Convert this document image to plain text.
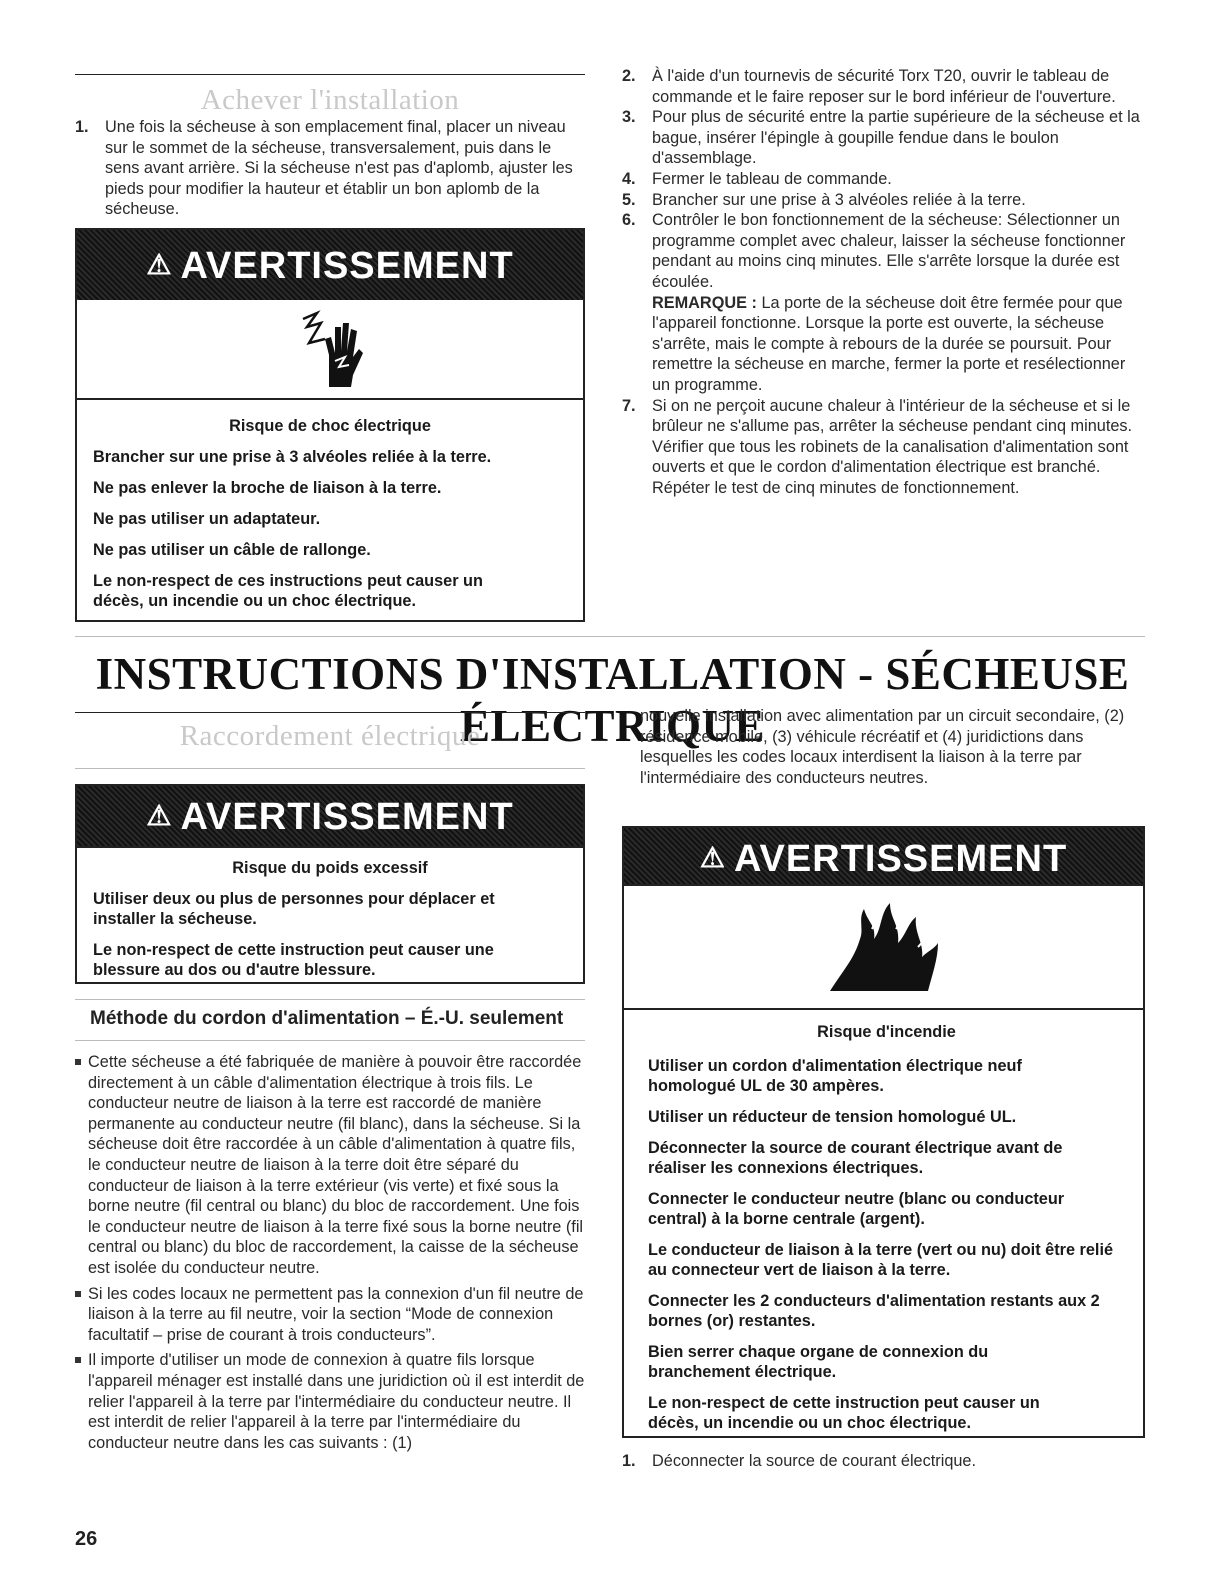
Achever l'installation
1. Une fois la sécheuse à son emplacement final, placer un niveau sur le sommet de la sécheuse, transversalement, puis dans le sens avant arrière. Si la sécheuse n'est pas d'aplomb, ajuster les pieds pour modifier la hauteur et établir un bon aplomb de la sécheuse.
⚠ AVERTISSEMENT
Risque de choc électrique
Brancher sur une prise à 3 alvéoles reliée à la terre.
Ne pas enlever la broche de liaison à la terre.
Ne pas utiliser un adaptateur.
Ne pas utiliser un câble de rallonge.
Le non-respect de ces instructions peut causer un décès, un incendie ou un choc électrique.
2. À l'aide d'un tournevis de sécurité Torx T20, ouvrir le tableau de commande et le faire reposer sur le bord inférieur de l'ouverture.
3. Pour plus de sécurité entre la partie supérieure de la sécheuse et la bague, insérer l'épingle à goupille fendue dans le boulon d'assemblage.
4. Fermer le tableau de commande.
5. Brancher sur une prise à 3 alvéoles reliée à la terre.
6. Contrôler le bon fonctionnement de la sécheuse: Sélectionner un programme complet avec chaleur, laisser la sécheuse fonctionner pendant au moins cinq minutes. Elle s'arrête lorsque la durée est écoulée.
REMARQUE : La porte de la sécheuse doit être fermée pour que l'appareil fonctionne. Lorsque la porte est ouverte, la sécheuse s'arrête, mais le compte à rebours de la durée se poursuit. Pour remettre la sécheuse en marche, fermer la porte et resélectionner un programme.
7. Si on ne perçoit aucune chaleur à l'intérieur de la sécheuse et si le brûleur ne s'allume pas, arrêter la sécheuse pendant cinq minutes. Vérifier que tous les robinets de la canalisation d'alimentation sont ouverts et que le cordon d'alimentation électrique est branché. Répéter le test de cinq minutes de fonctionnement.
INSTRUCTIONS D'INSTALLATION - SÉCHEUSE ÉLECTRIQUE
Raccordement électrique
⚠ AVERTISSEMENT
Risque du poids excessif
Utiliser deux ou plus de personnes pour déplacer et installer la sécheuse.
Le non-respect de cette instruction peut causer une blessure au dos ou d'autre blessure.
Méthode du cordon d'alimentation – É.-U. seulement
Cette sécheuse a été fabriquée de manière à pouvoir être raccordée directement à un câble d'alimentation électrique à trois fils. Le conducteur neutre de liaison à la terre est raccordé de manière permanente au conducteur neutre (fil blanc), dans la sécheuse. Si la sécheuse doit être raccordée à un câble d'alimentation à quatre fils, le conducteur neutre de liaison à la terre doit être séparé du conducteur de liaison à la terre extérieur (vis verte) et fixé sous la borne neutre (fil central ou blanc) du bloc de raccordement. Une fois le conducteur neutre de liaison à la terre fixé sous la borne neutre (fil central ou blanc) du bloc de raccordement, la caisse de la sécheuse est isolée du conducteur neutre.
Si les codes locaux ne permettent pas la connexion d'un fil neutre de liaison à la terre au fil neutre, voir la section “Mode de connexion facultatif – prise de courant à trois conducteurs”.
Il importe d'utiliser un mode de connexion à quatre fils lorsque l'appareil ménager est installé dans une juridiction où il est interdit de relier l'appareil à la terre par l'intermédiaire du conducteur neutre. Il est interdit de relier l'appareil à la terre par l'intermédiaire du conducteur neutre dans les cas suivants : (1)
26
nouvelle installation avec alimentation par un circuit secondaire, (2) résidence mobile, (3) véhicule récréatif et (4) juridictions dans lesquelles les codes locaux interdisent la liaison à la terre par l'intermédiaire des conducteurs neutres.
⚠ AVERTISSEMENT
Risque d'incendie
Utiliser un cordon d'alimentation électrique neuf homologué UL de 30 ampères.
Utiliser un réducteur de tension homologué UL.
Déconnecter la source de courant électrique avant de réaliser les connexions électriques.
Connecter le conducteur neutre (blanc ou conducteur central) à la borne centrale (argent).
Le conducteur de liaison à la terre (vert ou nu) doit être relié au connecteur vert de liaison à la terre.
Connecter les 2 conducteurs d'alimentation restants aux 2 bornes (or) restantes.
Bien serrer chaque organe de connexion du branchement électrique.
Le non-respect de cette instruction peut causer un décès, un incendie ou un choc électrique.
1. Déconnecter la source de courant électrique.
